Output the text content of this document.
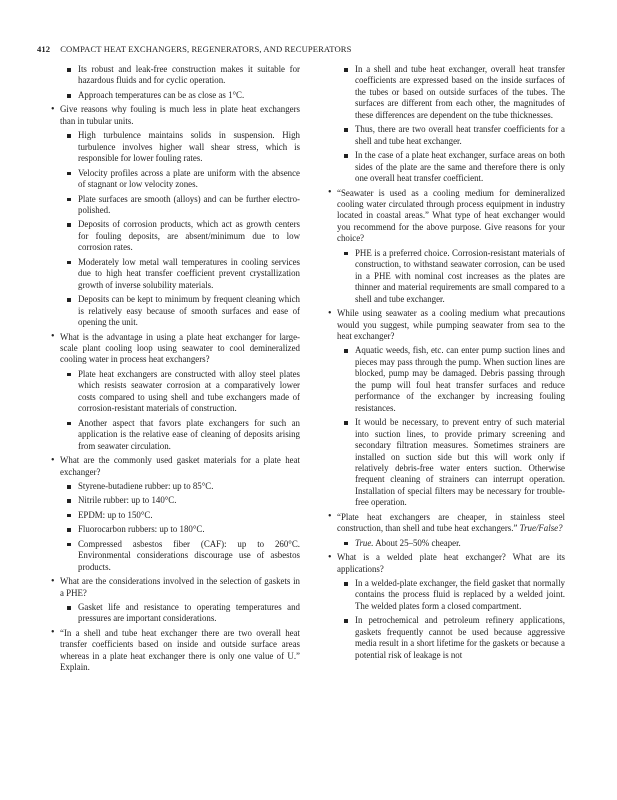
412 COMPACT HEAT EXCHANGERS, REGENERATORS, AND RECUPERATORS
Its robust and leak-free construction makes it suitable for hazardous fluids and for cyclic operation.
Approach temperatures can be as close as 1°C.
• Give reasons why fouling is much less in plate heat exchangers than in tubular units.
High turbulence maintains solids in suspension. High turbulence involves higher wall shear stress, which is responsible for lower fouling rates.
Velocity profiles across a plate are uniform with the absence of stagnant or low velocity zones.
Plate surfaces are smooth (alloys) and can be further electro-polished.
Deposits of corrosion products, which act as growth centers for fouling deposits, are absent/minimum due to low corrosion rates.
Moderately low metal wall temperatures in cooling services due to high heat transfer coefficient prevent crystallization growth of inverse solubility materials.
Deposits can be kept to minimum by frequent cleaning which is relatively easy because of smooth surfaces and ease of opening the unit.
• What is the advantage in using a plate heat exchanger for large-scale plant cooling loop using seawater to cool demineralized cooling water in process heat exchangers?
Plate heat exchangers are constructed with alloy steel plates which resists seawater corrosion at a comparatively lower costs compared to using shell and tube exchangers made of corrosion-resistant materials of construction.
Another aspect that favors plate exchangers for such an application is the relative ease of cleaning of deposits arising from seawater circulation.
• What are the commonly used gasket materials for a plate heat exchanger?
Styrene-butadiene rubber: up to 85°C.
Nitrile rubber: up to 140°C.
EPDM: up to 150°C.
Fluorocarbon rubbers: up to 180°C.
Compressed asbestos fiber (CAF): up to 260°C. Environmental considerations discourage use of asbestos products.
• What are the considerations involved in the selection of gaskets in a PHE?
Gasket life and resistance to operating temperatures and pressures are important considerations.
• “In a shell and tube heat exchanger there are two overall heat transfer coefficients based on inside and outside surface areas whereas in a plate heat exchanger there is only one value of U.” Explain.
In a shell and tube heat exchanger, overall heat transfer coefficients are expressed based on the inside surfaces of the tubes or based on outside surfaces of the tubes. The surfaces are different from each other, the magnitudes of these differences are dependent on the tube thicknesses.
Thus, there are two overall heat transfer coefficients for a shell and tube heat exchanger.
In the case of a plate heat exchanger, surface areas on both sides of the plate are the same and therefore there is only one overall heat transfer coefficient.
• “Seawater is used as a cooling medium for demineralized cooling water circulated through process equipment in industry located in coastal areas.” What type of heat exchanger would you recommend for the above purpose. Give reasons for your choice?
PHE is a preferred choice. Corrosion-resistant materials of construction, to withstand seawater corrosion, can be used in a PHE with nominal cost increases as the plates are thinner and material requirements are small compared to a shell and tube exchanger.
• While using seawater as a cooling medium what precautions would you suggest, while pumping seawater from sea to the heat exchanger?
Aquatic weeds, fish, etc. can enter pump suction lines and pieces may pass through the pump. When suction lines are blocked, pump may be damaged. Debris passing through the pump will foul heat transfer surfaces and reduce performance of the exchanger by increasing fouling resistances.
It would be necessary, to prevent entry of such material into suction lines, to provide primary screening and secondary filtration measures. Sometimes strainers are installed on suction side but this will work only if relatively debris-free water enters suction. Otherwise frequent cleaning of strainers can interrupt operation. Installation of special filters may be necessary for trouble-free operation.
• “Plate heat exchangers are cheaper, in stainless steel construction, than shell and tube heat exchangers.” True/False?
True. About 25–50% cheaper.
• What is a welded plate heat exchanger? What are its applications?
In a welded-plate exchanger, the field gasket that normally contains the process fluid is replaced by a welded joint. The welded plates form a closed compartment.
In petrochemical and petroleum refinery applications, gaskets frequently cannot be used because aggressive media result in a short lifetime for the gaskets or because a potential risk of leakage is not
